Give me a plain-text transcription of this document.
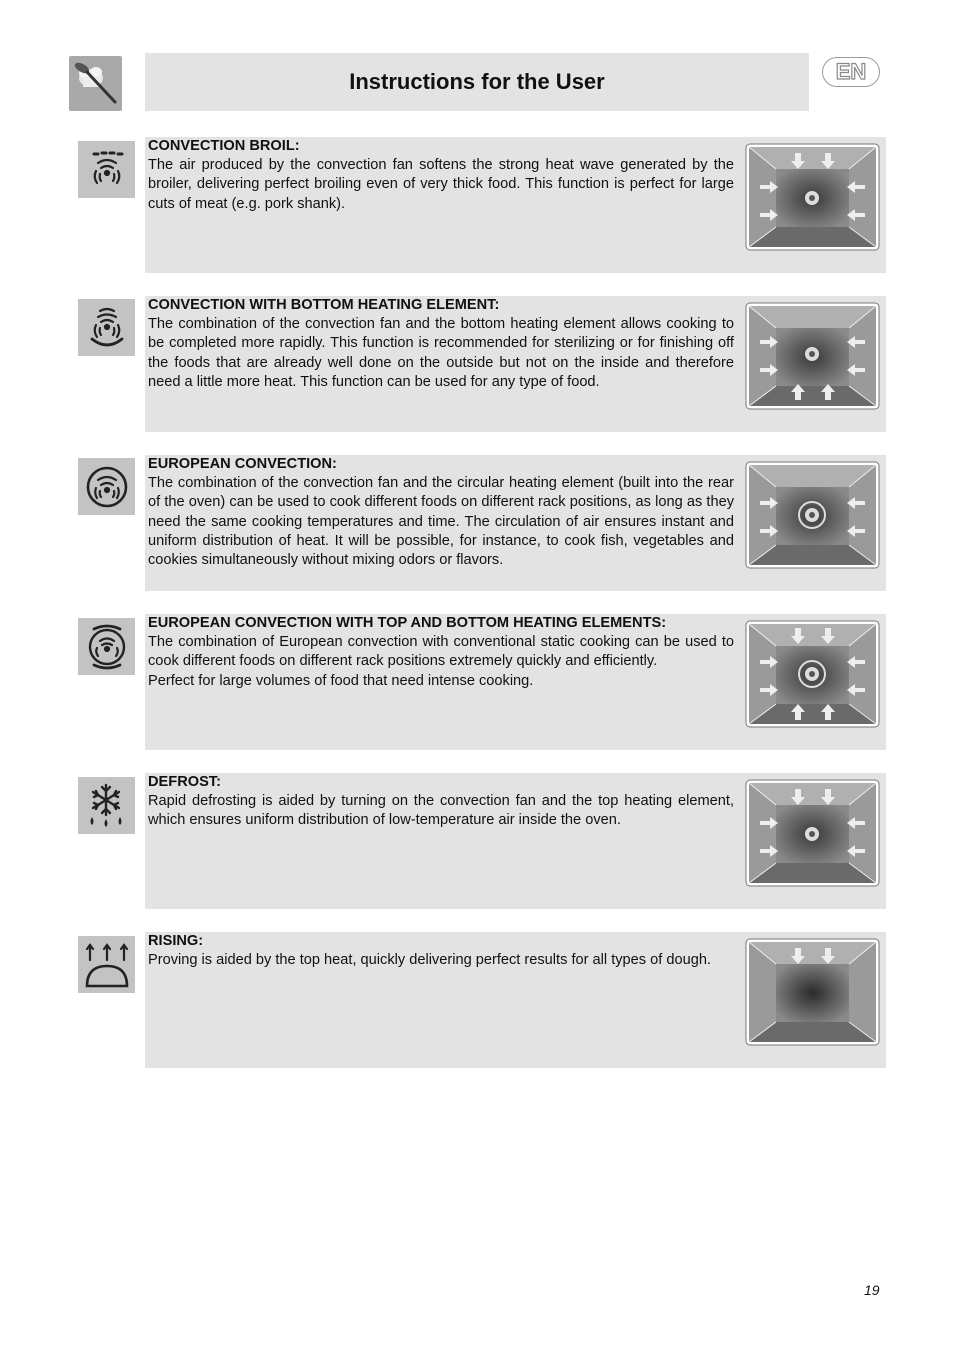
Instructions for the User	EN
CONVECTION BROIL:

The air produced by the convection fan softens the strong heat wave generated by the broiler, delivering perfect broiling even of very thick food. This function is perfect for large cuts of meat (e.g. pork shank).

CONVECTION WITH BOTTOM HEATING ELEMENT:

The combination of the convection fan and the bottom heating element allows cooking to be completed more rapidly. This function is recommended for sterilizing or for finishing off the foods that are already well done on the outside but not on the inside and therefore need a little more heat. This function can be used for any type of food.

EUROPEAN CONVECTION:

The combination of the convection fan and the circular heating element (built into the rear of the oven) can be used to cook different foods on different rack positions, as long as they need the same cooking temperatures and time. The circulation of air ensures instant and uniform distribution of heat. It will be possible, for instance, to cook fish, vegetables and cookies simultaneously without mixing odors or flavors.

EUROPEAN CONVECTION WITH TOP AND BOTTOM HEATING ELEMENTS:

The combination of European convection with conventional static cooking can be used to cook different foods on different rack positions extremely quickly and efficiently.

Perfect for large volumes of food that need intense cooking.

DEFROST:

Rapid defrosting is aided by turning on the convection fan and the top heating element, which ensures uniform distribution of low-temperature air inside the oven.

RISING:

Proving is aided by the top heat, quickly delivering perfect results for all types of dough.

19
